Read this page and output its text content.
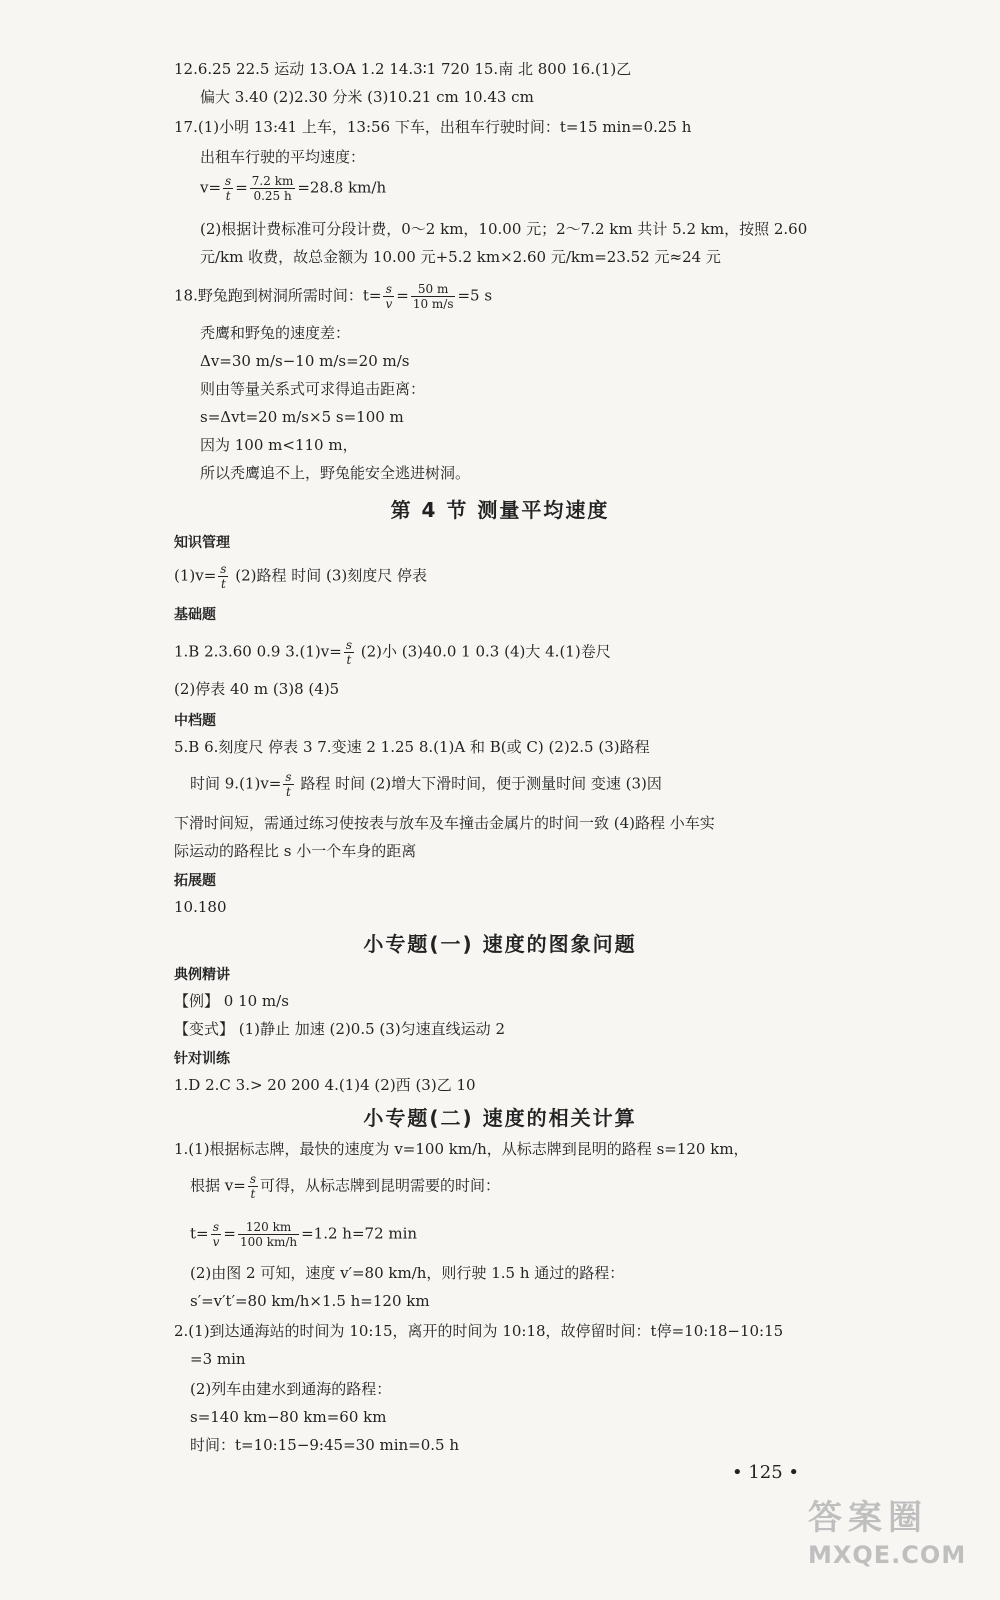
12.6.25 22.5 运动 13.OA 1.2 14.3∶1 720 15.南 北 800 16.(1)乙
偏大 3.40 (2)2.30 分米 (3)10.21 cm 10.43 cm
17.(1)小明 13:41 上车，13:56 下车，出租车行驶时间：t=15 min=0.25 h
出租车行驶的平均速度：
$v= \frac{s}{t} = \frac{7.2 km}{0.25 h} =28.8$ km/h
(2)根据计费标准可分段计费，0～2 km，10.00 元；2～7.2 km 共计 5.2 km，按照 2.60
元/km 收费，故总金额为 10.00 元+5.2 km×2.60 元/km=23.52 元≈24 元
18.野兔跑到树洞所需时间：$t= \frac{s}{v} = \frac{50 m}{10 m/s} =5$ s
秃鹰和野兔的速度差：
Δv=30 m/s−10 m/s=20 m/s
则由等量关系式可求得追击距离：
s=Δvt=20 m/s×5 s=100 m
因为 100 m<110 m，
所以秃鹰追不上，野兔能安全逃进树洞。
第 4 节 测量平均速度
知识管理
$(1)v= \frac{s}{t} (2)$路程 时间 (3)刻度尺 停表
基础题
1.B 2.3.60 0.9 $3.(1)v= \frac{s}{t} (2)$小 (3)40.0 1 0.3 (4)大 4.(1)卷尺
(2)停表 40 m (3)8 (4)5
中档题
5.B 6.刻度尺 停表 3 7.变速 2 1.25 8.(1)A 和 B(或 C) (2)2.5 (3)路程
时间 $9.(1)v= \frac{s}{t}$ 路程 时间 (2)增大下滑时间，便于测量时间 变速 (3)因
下滑时间短，需通过练习使按表与放车及车撞击金属片的时间一致 (4)路程 小车实
际运动的路程比 s 小一个车身的距离
拓展题
10.180
小专题(一) 速度的图象问题
典例精讲
【例】 0 10 m/s
【变式】 (1)静止 加速 (2)0.5 (3)匀速直线运动 2
针对训练
1.D 2.C 3.> 20 200 4.(1)4 (2)西 (3)乙 10
小专题(二) 速度的相关计算
1.(1)根据标志牌，最快的速度为 v=100 km/h，从标志牌到昆明的路程 s=120 km，
根据 $v= \frac{s}{t}$ 可得，从标志牌到昆明需要的时间：
$t= \frac{s}{v} = \frac{120 km}{100 km/h} =1.2$ h=72 min
(2)由图 2 可知，速度 v′=80 km/h，则行驶 1.5 h 通过的路程：
s′=v′t′=80 km/h×1.5 h=120 km
2.(1)到达通海站的时间为 10:15，离开的时间为 10:18，故停留时间：t停=10:18−10:15
=3 min
(2)列车由建水到通海的路程：
s=140 km−80 km=60 km
时间：t=10:15−9:45=30 min=0.5 h
• 125 •
答案圈
MXQE.COM
